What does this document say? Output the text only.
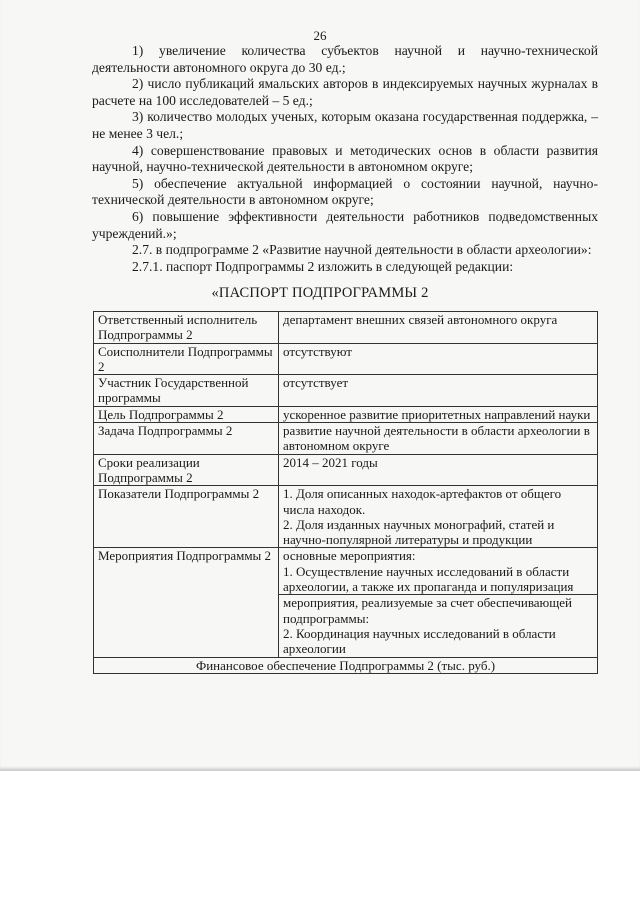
26

1) увеличение количества субъектов научной и научно-технической деятельности автономного округа до 30 ед.;

2) число публикаций ямальских авторов в индексируемых научных журналах в расчете на 100 исследователей – 5 ед.;

3) количество молодых ученых, которым оказана государственная поддержка, – не менее 3 чел.;

4) совершенствование правовых и методических основ в области развития научной, научно-технической деятельности в автономном округе;

5) обеспечение актуальной информацией о состоянии научной, научно-технической деятельности в автономном округе;

6) повышение эффективности деятельности работников подведомственных учреждений.»;

2.7. в подпрограмме 2 «Развитие научной деятельности в области археологии»:

2.7.1. паспорт Подпрограммы 2 изложить в следующей редакции:

«ПАСПОРТ ПОДПРОГРАММЫ 2
Ответственный исполнитель Подпрограммы 2	департамент внешних связей автономного округа
Соисполнители Подпрограммы 2	отсутствуют
Участник Государственной программы	отсутствует
Цель Подпрограммы 2	ускоренное развитие приоритетных направлений науки
Задача Подпрограммы 2	развитие научной деятельности в области археологии в автономном округе
Сроки реализации Подпрограммы 2	2014 – 2021 годы
Показатели Подпрограммы 2	1. Доля описанных находок-артефактов от общего числа находок.
2. Доля изданных научных монографий, статей и научно-популярной литературы и продукции

Мероприятия Подпрограммы 2	основные мероприятия:
1. Осуществление научных исследований в области археологии, а также их пропаганда и популяризация

	мероприятия, реализуемые за счет обеспечивающей подпрограммы:
2. Координация научных исследований в области археологии

Финансовое обеспечение Подпрограммы 2 (тыс. руб.)	
